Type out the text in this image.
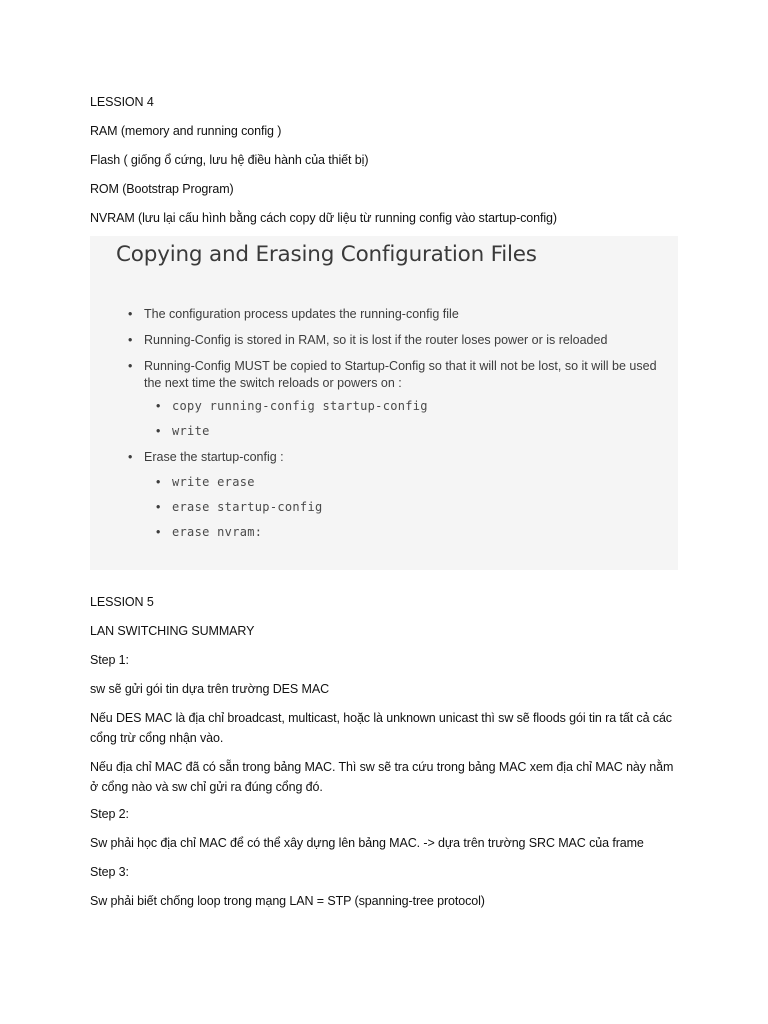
LESSION 4
RAM (memory and running config )
Flash ( giống ổ cứng, lưu hệ điều hành của thiết bị)
ROM (Bootstrap Program)
NVRAM (lưu lại cấu hình bằng cách copy dữ liệu từ running config vào startup-config)
Copying and Erasing Configuration Files
• The configuration process updates the running-config file
• Running-Config is stored in RAM, so it is lost if the router loses power or is reloaded
• Running-Config MUST be copied to Startup-Config so that it will not be lost, so it will be used the next time the switch reloads or powers on :
• copy running-config startup-config
• write
• Erase the startup-config :
• write erase
• erase startup-config
• erase nvram:
LESSION 5
LAN SWITCHING SUMMARY
Step 1:
sw sẽ gửi gói tin dựa trên trường DES MAC
Nếu DES MAC là địa chỉ broadcast, multicast, hoặc là unknown unicast thì sw sẽ floods gói tin ra tất cả các cổng trừ cổng nhận vào.
Nếu địa chỉ MAC đã có sẵn trong bảng MAC. Thì sw sẽ tra cứu trong bảng MAC xem địa chỉ MAC này nằm ở cổng nào và sw chỉ gửi ra đúng cổng đó.
Step 2:
Sw phải học địa chỉ MAC để có thể xây dựng lên bảng MAC. -> dựa trên trường SRC MAC của frame
Step 3:
Sw phải biết chống loop trong mạng LAN = STP (spanning-tree protocol)
